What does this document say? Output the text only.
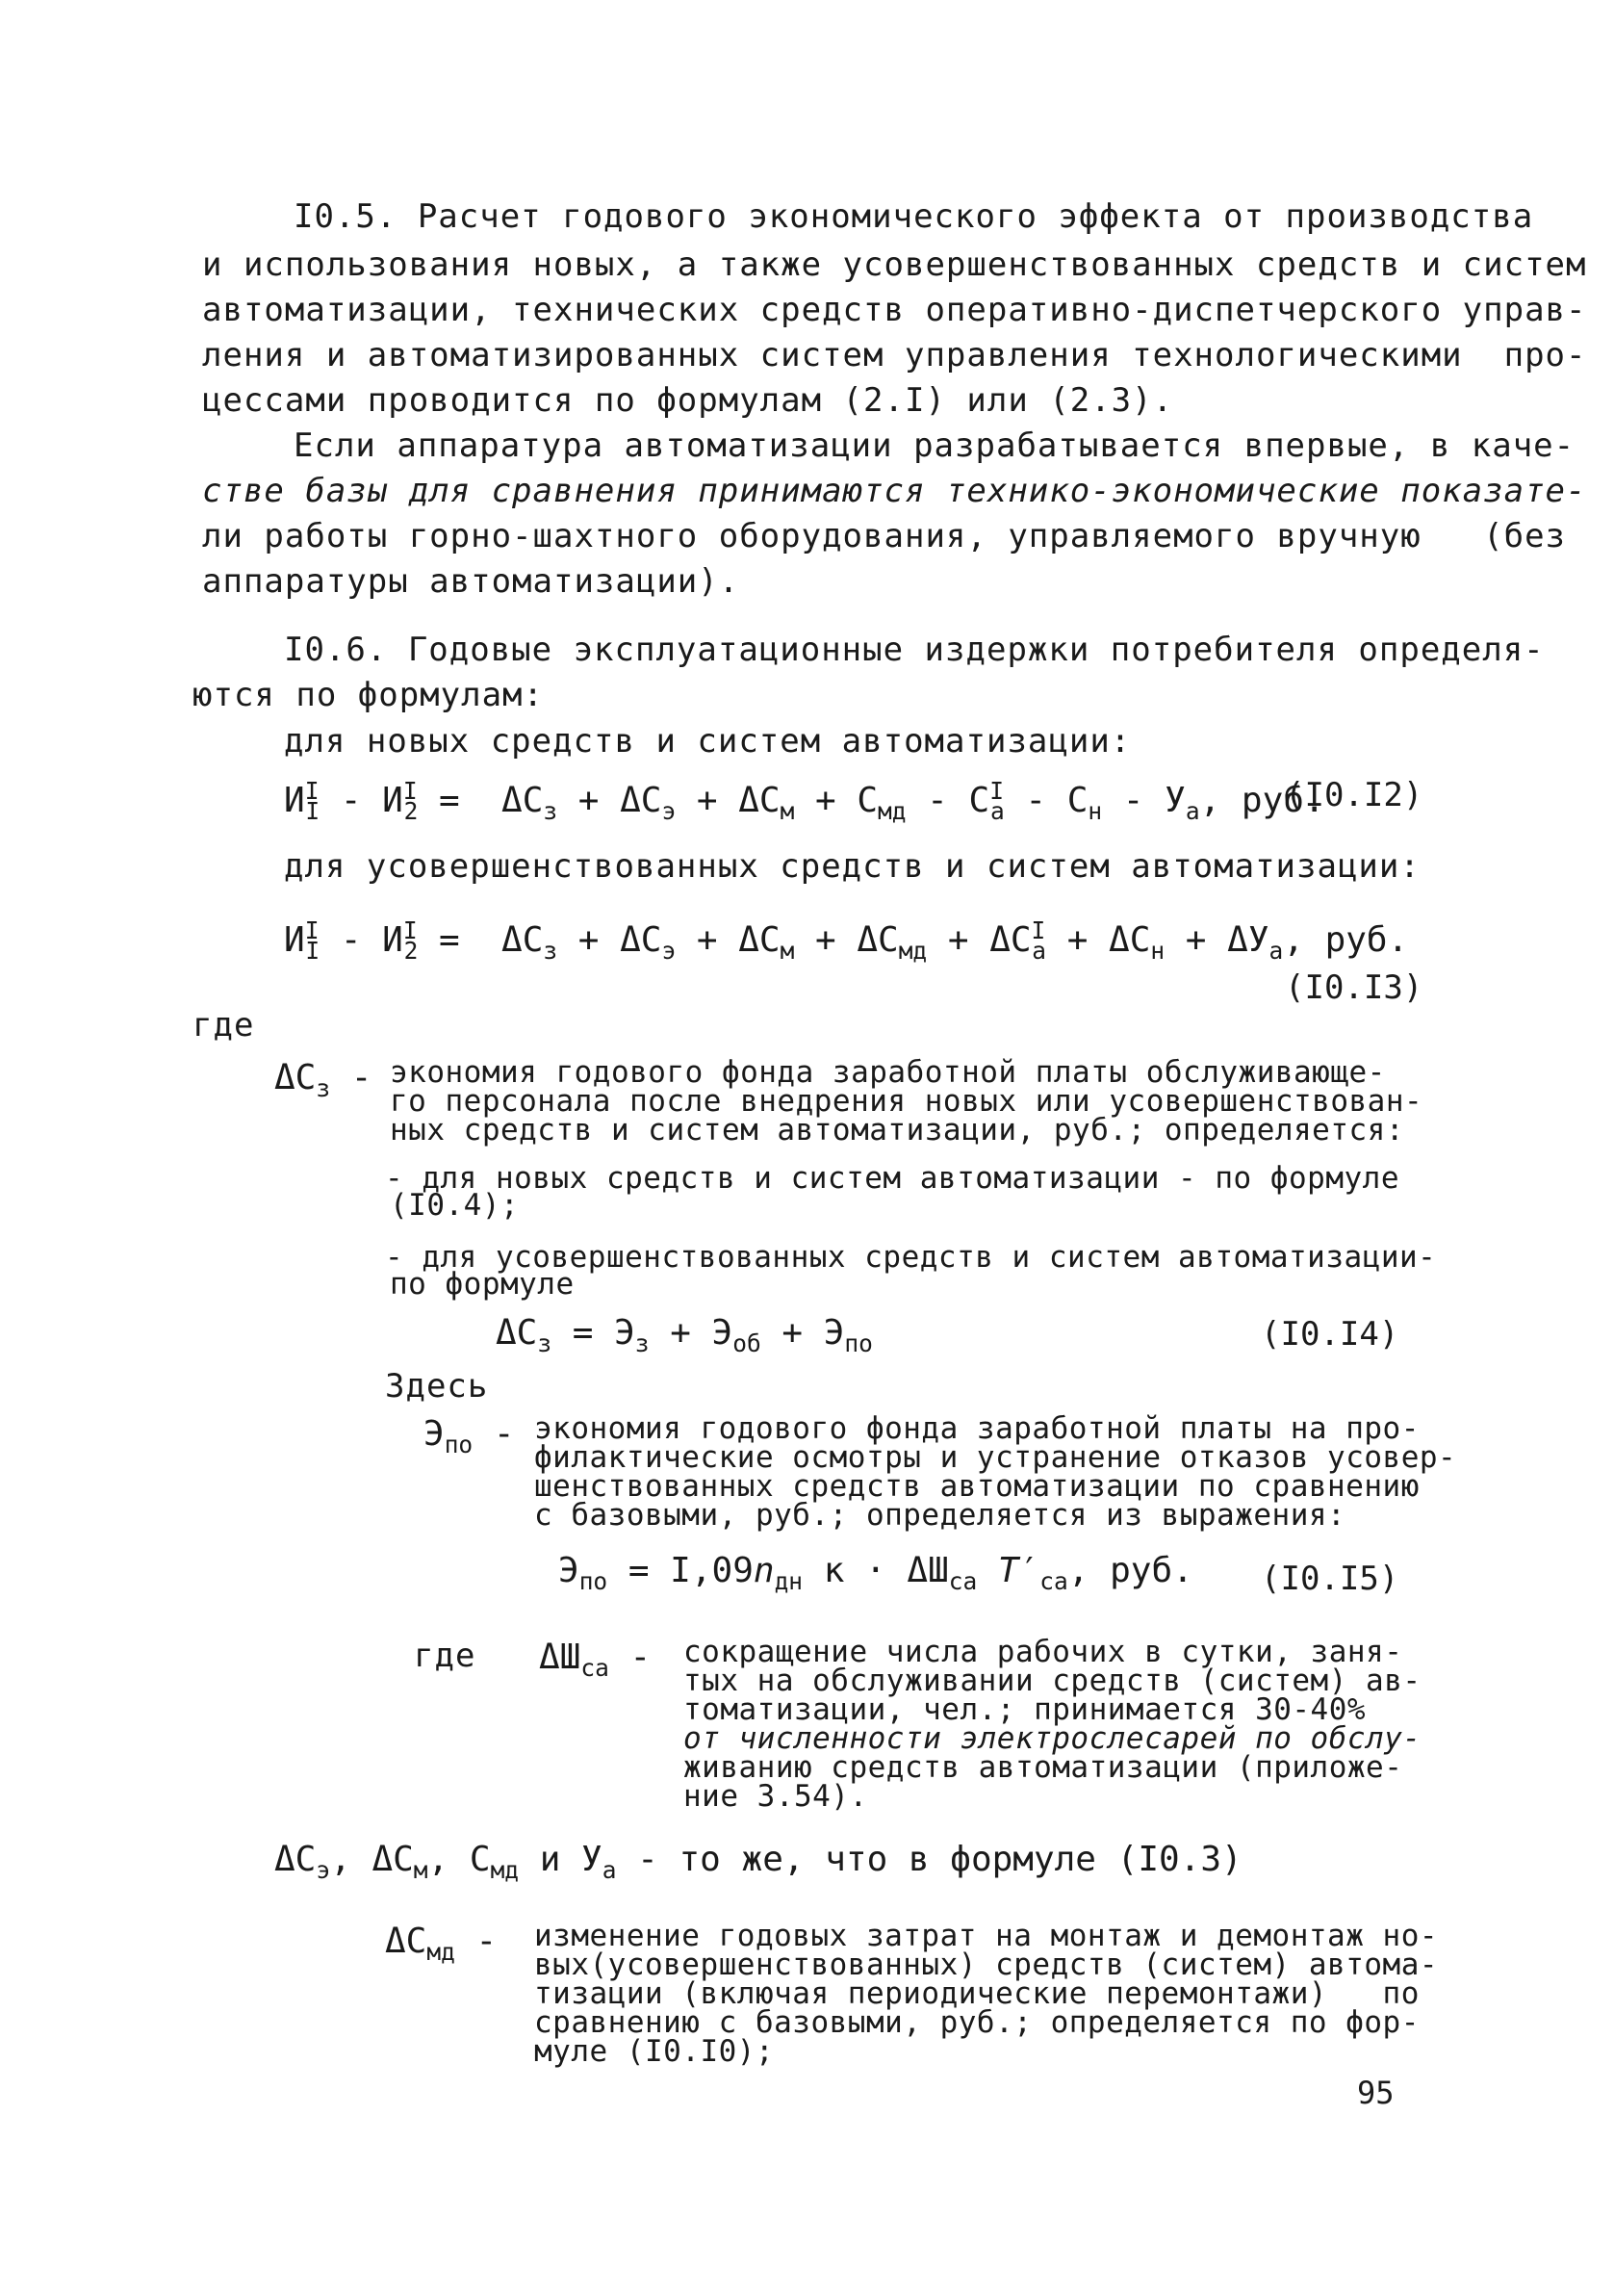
I0.5. Расчет годового экономического эффекта от производства
и использования новых, а также усовершенствованных средств и систем
автоматизации, технических средств оперативно-диспетчерского управ-
ления и автоматизированных систем управления технологическими  про-
цессами проводится по формулам (2.I) или (2.3).
Если аппаратура автоматизации разрабатывается впервые, в каче-
стве базы для сравнения принимаются технико-экономические показате-
ли работы горно-шахтного оборудования, управляемого вручную   (без
аппаратуры автоматизации).
I0.6. Годовые эксплуатационные издержки потребителя определя-
ются по формулам:
для новых средств и систем автоматизации:
$И^I_I - И^I_2 = \Delta С_з + \Delta С_э + \Delta С_м + С_{мд} - С^I_а - С_н - У_а$, руб.
(I0.I2)
для усовершенствованных средств и систем автоматизации:
$И^I_I - И^I_2 = \Delta С_з + \Delta С_э + \Delta С_м + \Delta С_{мд} + \Delta С^I_а + \Delta С_н + \Delta У_а$, руб.
(I0.I3)
где
$\Delta С_з$ - экономия годового фонда заработной платы обслуживающе-
го персонала после внедрения новых или усовершенствован-
ных средств и систем автоматизации, руб.; определяется:
- для новых средств и систем автоматизации - по формуле
(I0.4);
- для усовершенствованных средств и систем автоматизации-
по формуле
$\Delta С_з = Э_з + Э_{об} + Э_{по}$	(I0.I4)
Здесь
$Э_{по}$ - экономия годового фонда заработной платы на про-
филактические осмотры и устранение отказов усовер-
шенствованных средств автоматизации по сравнению
с базовыми, руб.; определяется из выражения:
$Э_{по} = I,09n_{дн}$ $к \cdot \Delta Ш_{са}$ $T'_{са}$, руб. (I0.I5)
где $\Delta Ш_{са}$ - сокращение числа рабочих в сутки, заня-
тых на обслуживании средств (систем) ав-
томатизации, чел.; принимается 30-40%
от численности электрослесарей по обслу-
живанию средств автоматизации (приложе-
ние 3.54).
$\Delta С_э$, $\Delta С_м$, $С_{мд}$ и $У_а$ - то же, что в формуле (I0.3)
$\Delta С_{мд}$ - изменение годовых затрат на монтаж и демонтаж но-
вых(усовершенствованных) средств (систем) автома-
тизации (включая периодические перемонтажи)   по
сравнению с базовыми, руб.; определяется по фор-
муле (I0.I0);
95
